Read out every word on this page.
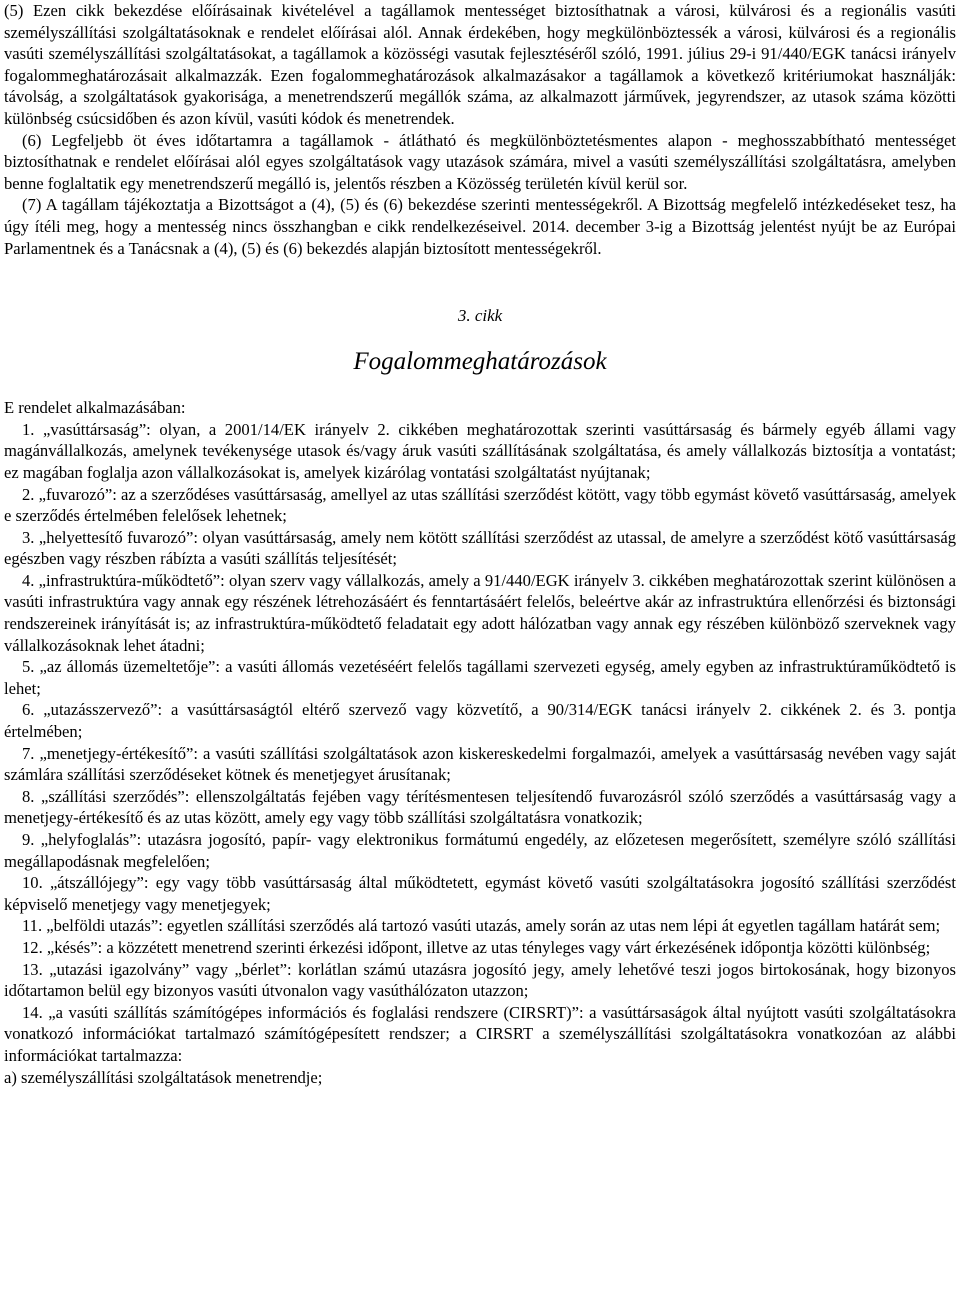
(5) Ezen cikk bekezdése előírásainak kivételével a tagállamok mentességet biztosíthatnak a városi, külvárosi és a regionális vasúti személyszállítási szolgáltatásoknak e rendelet előírásai alól. Annak érdekében, hogy megkülönböztessék a városi, külvárosi és a regionális vasúti személyszállítási szolgáltatásokat, a tagállamok a közösségi vasutak fejlesztéséről szóló, 1991. július 29-i 91/440/EGK tanácsi irányelv fogalommeghatározásait alkalmazzák. Ezen fogalommeghatározások alkalmazásakor a tagállamok a következő kritériumokat használják: távolság, a szolgáltatások gyakorisága, a menetrendszerű megállók száma, az alkalmazott járművek, jegyrendszer, az utasok száma közötti különbség csúcsidőben és azon kívül, vasúti kódok és menetrendek.

(6) Legfeljebb öt éves időtartamra a tagállamok - átlátható és megkülönböztetésmentes alapon - meghosszabbítható mentességet biztosíthatnak e rendelet előírásai alól egyes szolgáltatások vagy utazások számára, mivel a vasúti személyszállítási szolgáltatásra, amelyben benne foglaltatik egy menetrendszerű megálló is, jelentős részben a Közösség területén kívül kerül sor.

(7) A tagállam tájékoztatja a Bizottságot a (4), (5) és (6) bekezdése szerinti mentességekről. A Bizottság megfelelő intézkedéseket tesz, ha úgy ítéli meg, hogy a mentesség nincs összhangban e cikk rendelkezéseivel. 2014. december 3-ig a Bizottság jelentést nyújt be az Európai Parlamentnek és a Tanácsnak a (4), (5) és (6) bekezdés alapján biztosított mentességekről.

3. cikk
Fogalommeghatározások

E rendelet alkalmazásában:

1. „vasúttársaság”: olyan, a 2001/14/EK irányelv 2. cikkében meghatározottak szerinti vasúttársaság és bármely egyéb állami vagy magánvállalkozás, amelynek tevékenysége utasok és/vagy áruk vasúti szállításának szolgáltatása, és amely vállalkozás biztosítja a vontatást; ez magában foglalja azon vállalkozásokat is, amelyek kizárólag vontatási szolgáltatást nyújtanak;

2. „fuvarozó”: az a szerződéses vasúttársaság, amellyel az utas szállítási szerződést kötött, vagy több egymást követő vasúttársaság, amelyek e szerződés értelmében felelősek lehetnek;

3. „helyettesítő fuvarozó”: olyan vasúttársaság, amely nem kötött szállítási szerződést az utassal, de amelyre a szerződést kötő vasúttársaság egészben vagy részben rábízta a vasúti szállítás teljesítését;

4. „infrastruktúra-működtető”: olyan szerv vagy vállalkozás, amely a 91/440/EGK irányelv 3. cikkében meghatározottak szerint különösen a vasúti infrastruktúra vagy annak egy részének létrehozásáért és fenntartásáért felelős, beleértve akár az infrastruktúra ellenőrzési és biztonsági rendszereinek irányítását is; az infrastruktúra-működtető feladatait egy adott hálózatban vagy annak egy részében különböző szerveknek vagy vállalkozásoknak lehet átadni;

5. „az állomás üzemeltetője”: a vasúti állomás vezetéséért felelős tagállami szervezeti egység, amely egyben az infrastruktúraműködtető is lehet;

6. „utazásszervező”: a vasúttársaságtól eltérő szervező vagy közvetítő, a 90/314/EGK tanácsi irányelv 2. cikkének 2. és 3. pontja értelmében;

7. „menetjegy-értékesítő”: a vasúti szállítási szolgáltatások azon kiskereskedelmi forgalmazói, amelyek a vasúttársaság nevében vagy saját számlára szállítási szerződéseket kötnek és menetjegyet árusítanak;

8. „szállítási szerződés”: ellenszolgáltatás fejében vagy térítésmentesen teljesítendő fuvarozásról szóló szerződés a vasúttársaság vagy a menetjegy-értékesítő és az utas között, amely egy vagy több szállítási szolgáltatásra vonatkozik;

9. „helyfoglalás”: utazásra jogosító, papír- vagy elektronikus formátumú engedély, az előzetesen megerősített, személyre szóló szállítási megállapodásnak megfelelően;

10. „átszállójegy”: egy vagy több vasúttársaság által működtetett, egymást követő vasúti szolgáltatásokra jogosító szállítási szerződést képviselő menetjegy vagy menetjegyek;

11. „belföldi utazás”: egyetlen szállítási szerződés alá tartozó vasúti utazás, amely során az utas nem lépi át egyetlen tagállam határát sem;

12. „késés”: a közzétett menetrend szerinti érkezési időpont, illetve az utas tényleges vagy várt érkezésének időpontja közötti különbség;

13. „utazási igazolvány” vagy „bérlet”: korlátlan számú utazásra jogosító jegy, amely lehetővé teszi jogos birtokosának, hogy bizonyos időtartamon belül egy bizonyos vasúti útvonalon vagy vasúthálózaton utazzon;

14. „a vasúti szállítás számítógépes információs és foglalási rendszere (CIRSRT)”: a vasúttársaságok által nyújtott vasúti szolgáltatásokra vonatkozó információkat tartalmazó számítógépesített rendszer; a CIRSRT a személyszállítási szolgáltatásokra vonatkozóan az alábbi információkat tartalmazza:

a) személyszállítási szolgáltatások menetrendje;
